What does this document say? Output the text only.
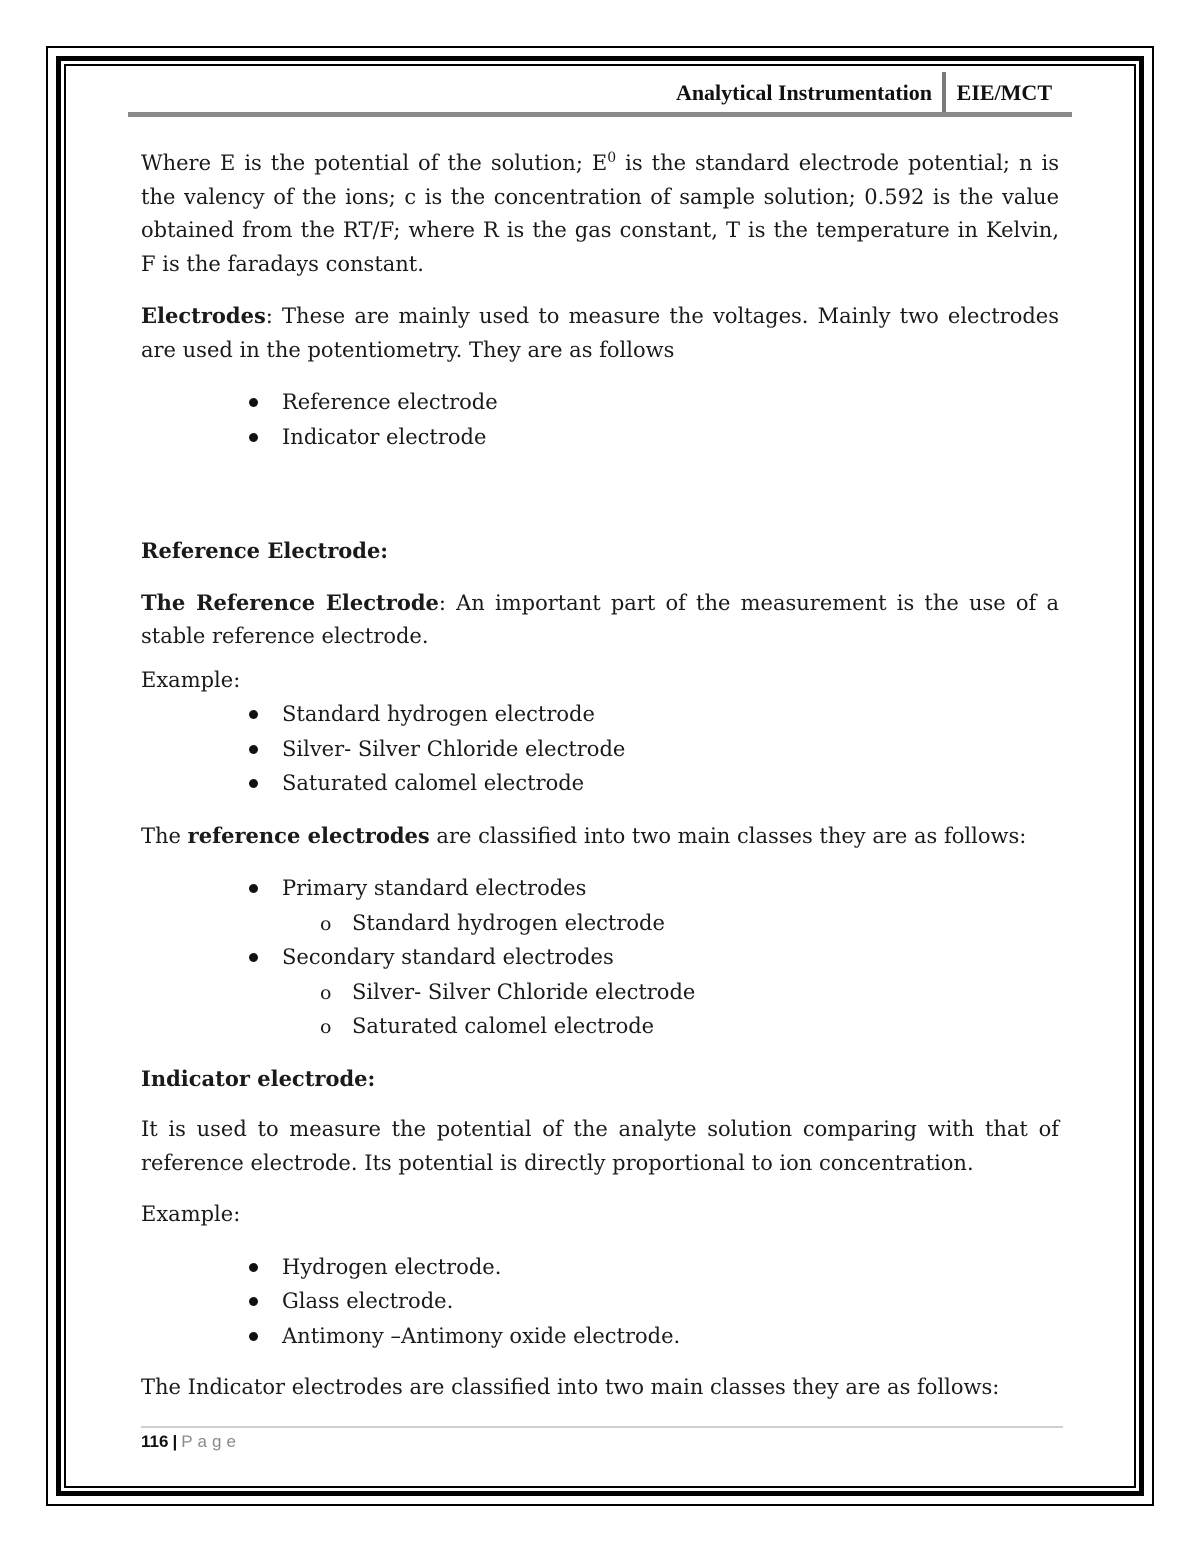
Analytical Instrumentation EIE/MCT

Where E is the potential of the solution; $E^0$ is the standard electrode potential; n is the valency of the ions; c is the concentration of sample solution; 0.592 is the value obtained from the RT/F; where R is the gas constant, T is the temperature in Kelvin, F is the faradays constant.

Electrodes: These are mainly used to measure the voltages. Mainly two electrodes are used in the potentiometry. They are as follows

Reference electrode
Indicator electrode

Reference Electrode:

The Reference Electrode: An important part of the measurement is the use of a stable reference electrode.

Example:

Standard hydrogen electrode
Silver- Silver Chloride electrode
Saturated calomel electrode

The reference electrodes are classified into two main classes they are as follows:

Primary standard electrodes
o Standard hydrogen electrode
Secondary standard electrodes
o Silver- Silver Chloride electrode
o Saturated calomel electrode

Indicator electrode:

It is used to measure the potential of the analyte solution comparing with that of reference electrode. Its potential is directly proportional to ion concentration.

Example:

Hydrogen electrode.
Glass electrode.
Antimony –Antimony oxide electrode.

The Indicator electrodes are classified into two main classes they are as follows:

116 | Page
